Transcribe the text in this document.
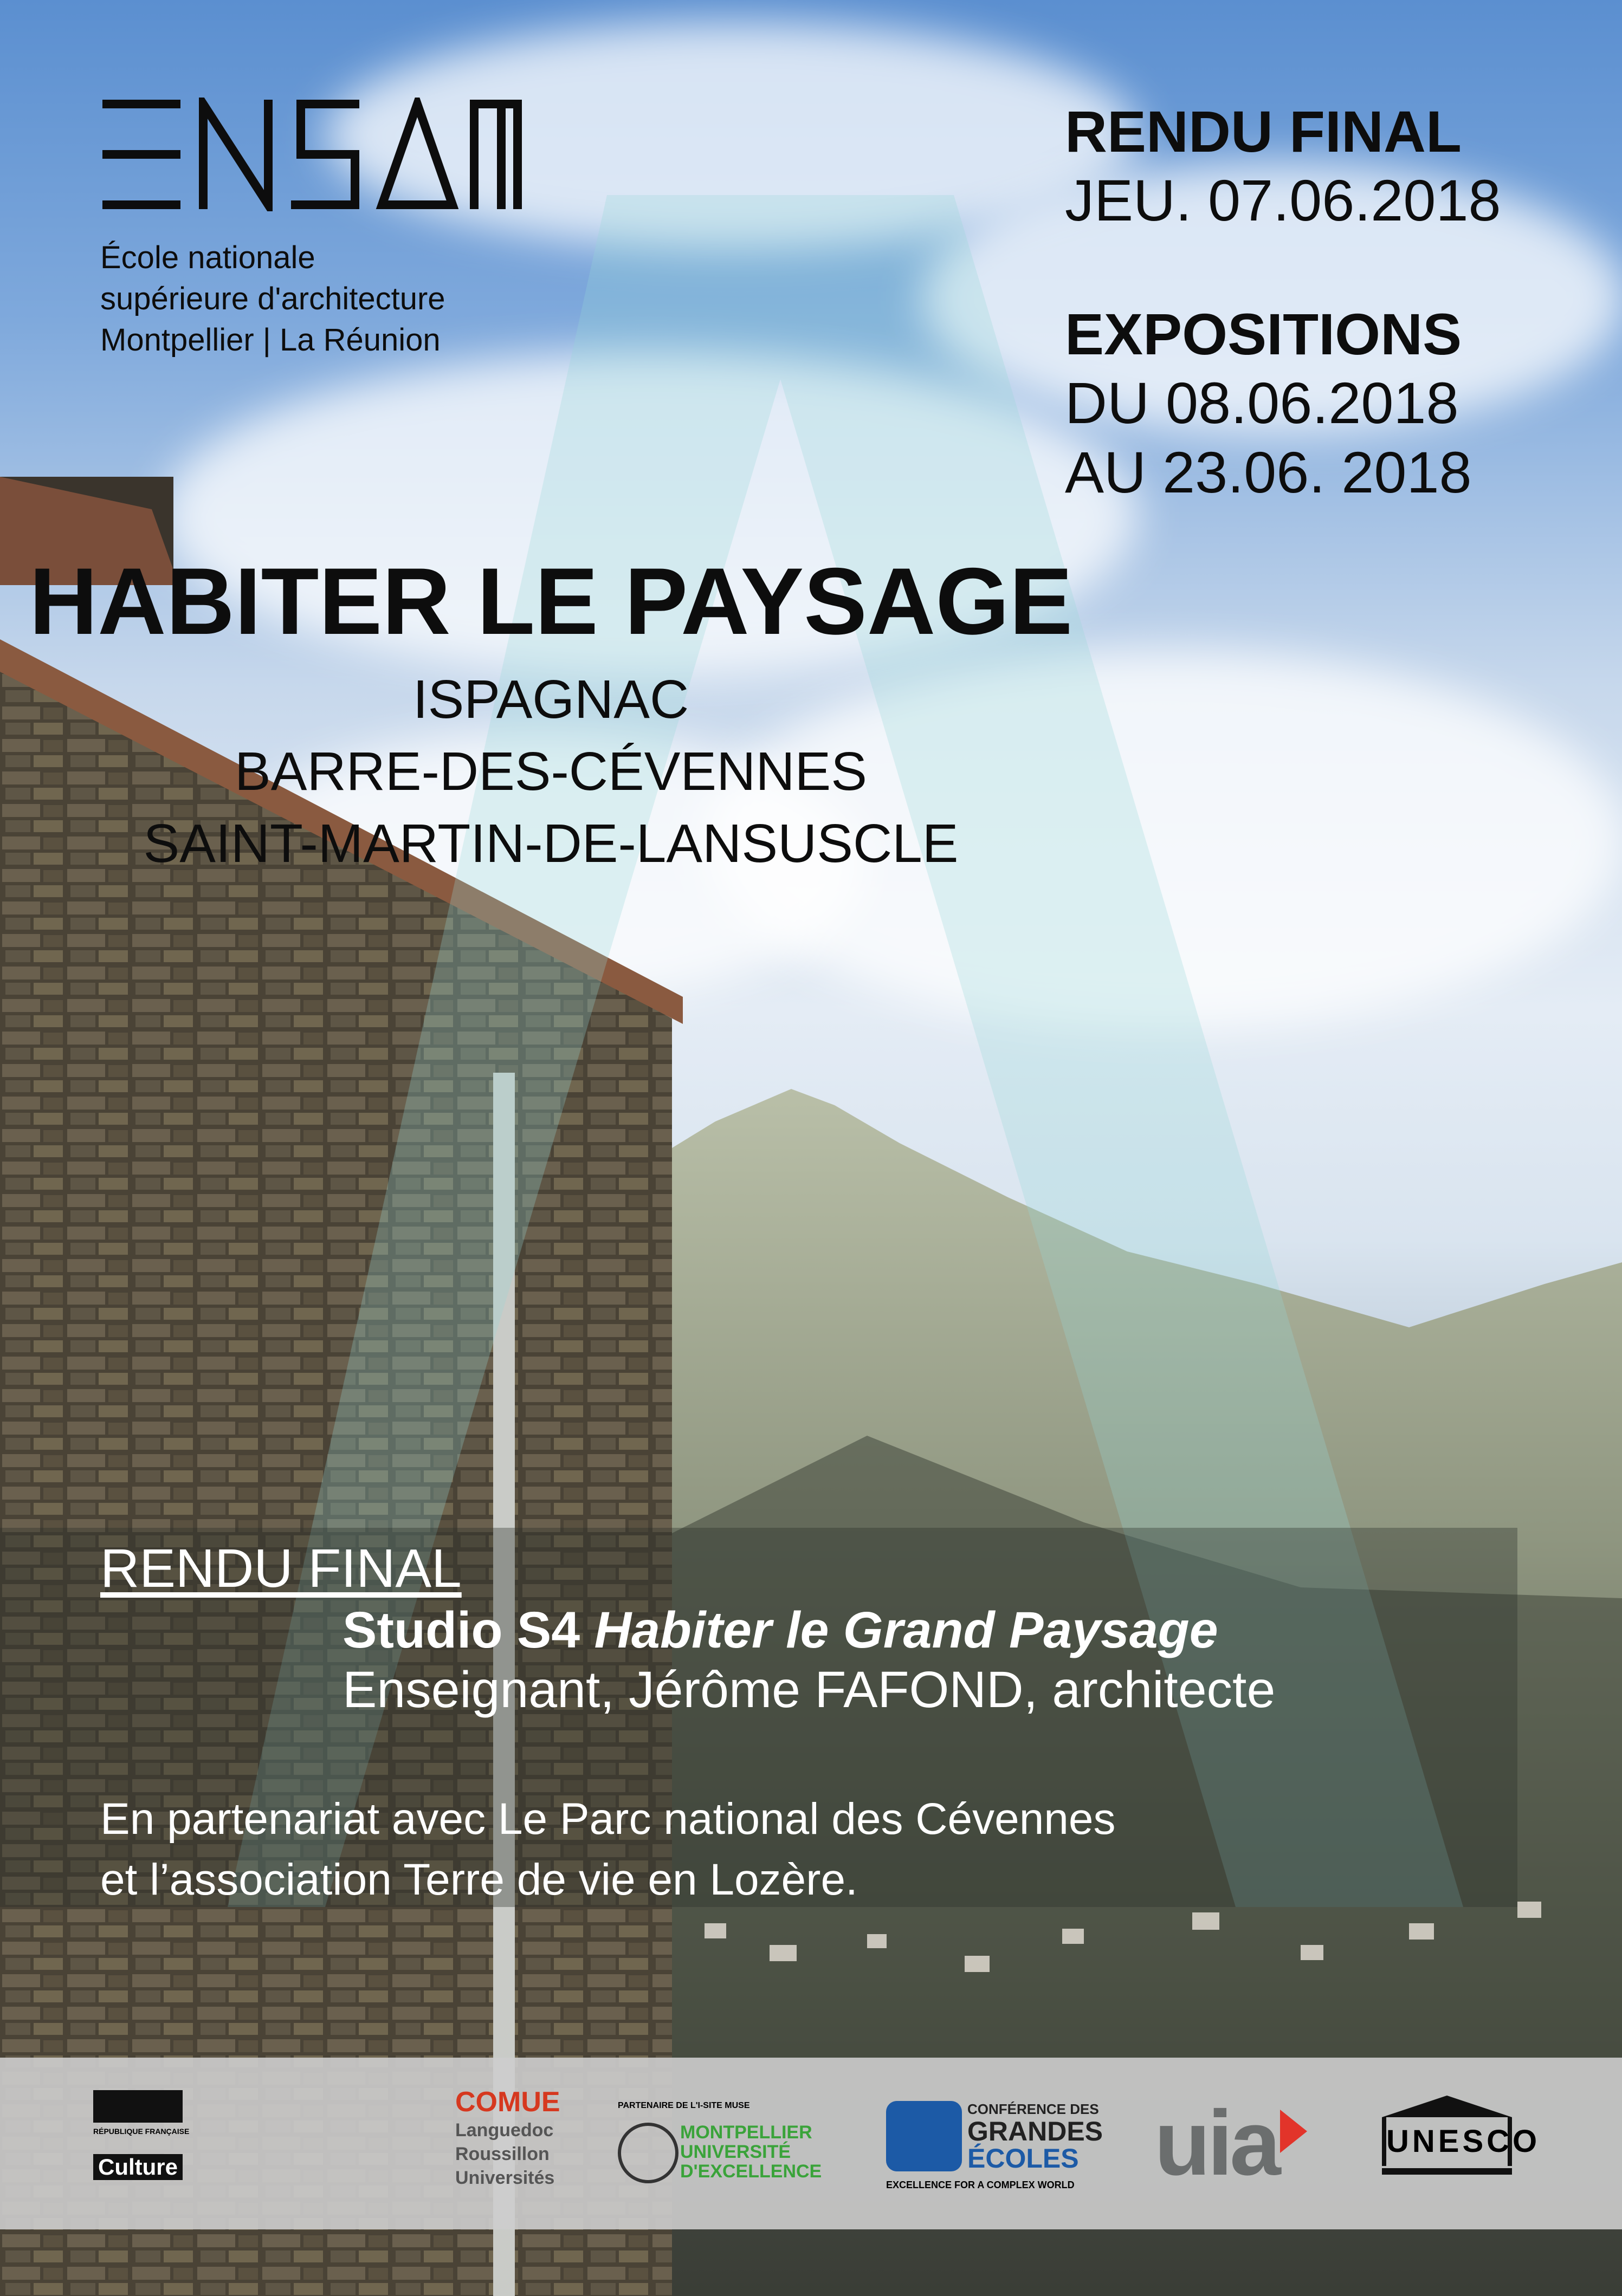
École nationale
supérieure d'architecture
Montpellier | La Réunion
RENDU FINAL
JEU. 07.06.2018
EXPOSITIONS
DU 08.06.2018
AU 23.06. 2018
HABITER LE PAYSAGE
ISPAGNAC
BARRE-DES-CÉVENNES
SAINT-MARTIN-DE-LANSUSCLE
RENDU FINAL
Studio S4 Habiter le Grand Paysage
Enseignant, Jérôme FAFOND, architecte
En partenariat avec Le Parc national des Cévennes
et l’association Terre de vie en Lozère.
RÉPUBLIQUE FRANÇAISE
Culture
COMUE
Languedoc
Roussillon
Universités
PARTENAIRE DE L'I-SITE MUSE
MONTPELLIER
UNIVERSITÉ
D'EXCELLENCE
CONFÉRENCE DES
GRANDES
ÉCOLES
EXCELLENCE FOR A COMPLEX WORLD uia	UNESCO
